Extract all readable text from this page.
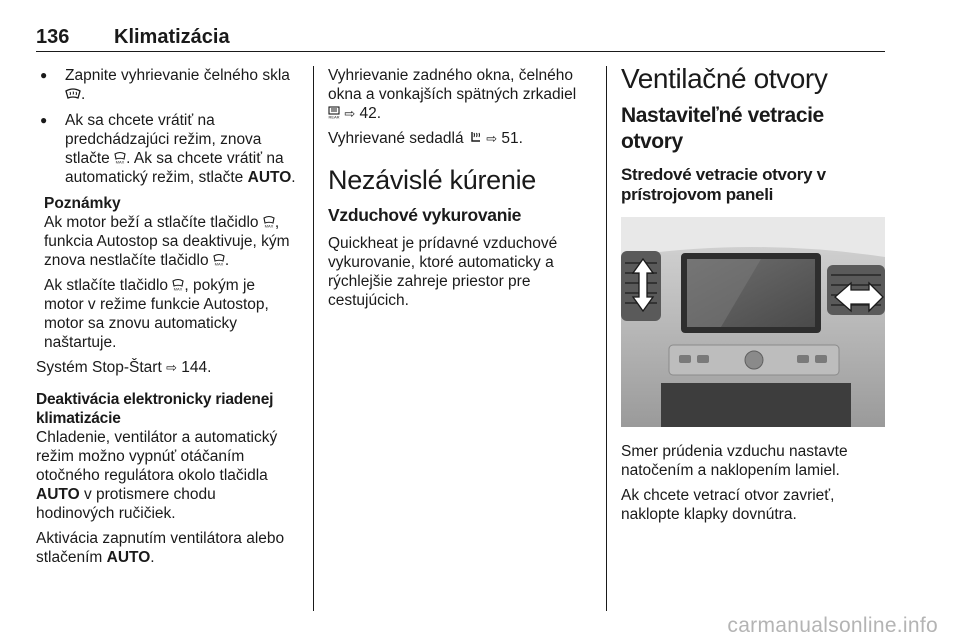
136 Klimatizácia
● Zapnite vyhrievanie čelného skla .
● Ak sa chcete vrátiť na predchádzajúci režim, znova stlačte MAX . Ak sa chcete vrátiť na automatický režim, stlačte AUTO.
Poznámky

Ak motor beží a stlačíte tlačidlo MAX , funkcia Autostop sa deaktivuje, kým znova nestlačíte tlačidlo MAX .

Ak stlačíte tlačidlo MAX , pokým je motor v režime funkcie Autostop, motor sa znovu automaticky naštartuje.

Systém Stop-Štart ⇨ 144.

Deaktivácia elektronicky riadenej klimatizácie

Chladenie, ventilátor a automatický režim možno vypnúť otáčaním otočného regulátora okolo tlačidla AUTO v protismere chodu hodinových ručičiek.

Aktivácia zapnutím ventilátora alebo stlačením AUTO.

Vyhrievanie zadného okna, čelného okna a vonkajších spätných zrkadiel

REAR ⇨ 42.

Vyhrievané sedadlá ⇨ 51.

Nezávislé kúrenie
Vzduchové vykurovanie

Quickheat je prídavné vzduchové vykurovanie, ktoré automaticky a rýchlejšie zahreje priestor pre cestujúcich.

Ventilačné otvory
Nastaviteľné vetracie otvory
Stredové vetracie otvory v prístrojovom paneli

Smer prúdenia vzduchu nastavte natočením a naklopením lamiel.

Ak chcete vetrací otvor zavrieť, naklopte klapky dovnútra.

carmanualsonline.info
